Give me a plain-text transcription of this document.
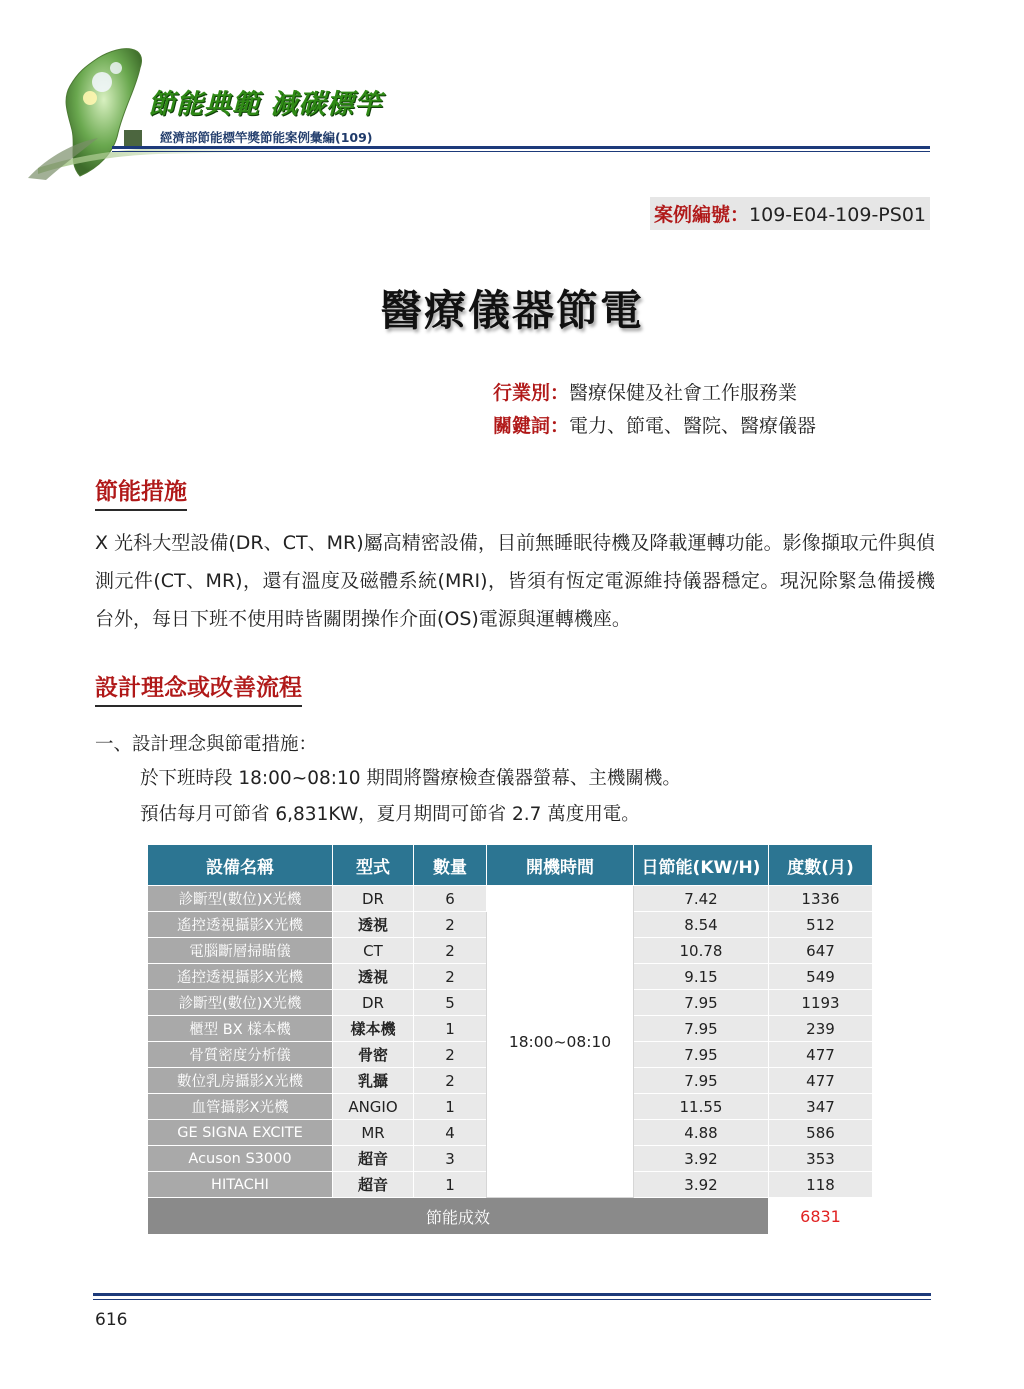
節能典範 減碳標竿
經濟部節能標竿獎節能案例彙編(109)
案例編號：109-E04-109-PS01
醫療儀器節電
行業別：醫療保健及社會工作服務業
關鍵詞：電力、節電、醫院、醫療儀器
節能措施
X 光科大型設備(DR、CT、MR)屬高精密設備，目前無睡眠待機及降載運轉功能。影像擷取元件與偵測元件(CT、MR)，還有溫度及磁體系統(MRI)，皆須有恆定電源維持儀器穩定。現況除緊急備援機台外，每日下班不使用時皆關閉操作介面(OS)電源與運轉機座。
設計理念或改善流程
一、設計理念與節電措施：
於下班時段 18:00~08:10 期間將醫療檢查儀器螢幕、主機關機。
預估每月可節省 6,831KW，夏月期間可節省 2.7 萬度用電。
設備名稱	型式	數量	開機時間	日節能(KW/H)	度數(月)
診斷型(數位)X光機	DR	6	18:00~08:10	7.42	1336
遙控透視攝影X光機	透視	2		8.54	512
電腦斷層掃瞄儀	CT	2		10.78	647
遙控透視攝影X光機	透視	2		9.15	549
診斷型(數位)X光機	DR	5		7.95	1193
櫃型 BX 樣本機	樣本機	1		7.95	239
骨質密度分析儀	骨密	2		7.95	477
數位乳房攝影X光機	乳攝	2		7.95	477
血管攝影X光機	ANGIO	1		11.55	347
GE SIGNA EXCITE	MR	4		4.88	586
Acuson S3000	超音	3		3.92	353
HITACHI	超音	1		3.92	118
節能成效					6831
616
